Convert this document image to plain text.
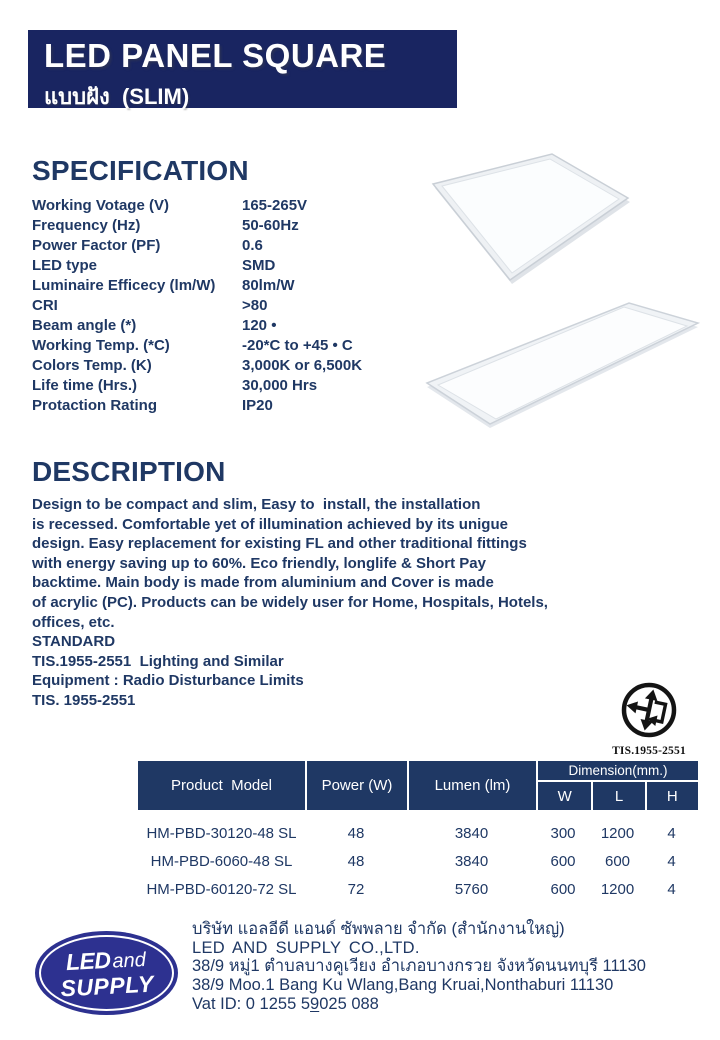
LED PANEL SQUARE
แบบฝัง  (SLIM)
SPECIFICATION
Working Votage (V)	165-265V
Frequency (Hz)	50-60Hz
Power Factor (PF)	0.6
LED type	SMD
Luminaire Efficecy (lm/W)	80lm/W
CRI	>80
Beam angle (*)	120 •
Working Temp. (*C)	-20*C to +45 • C
Colors Temp. (K)	3,000K or 6,500K
Life time (Hrs.)	30,000 Hrs
Protaction Rating	IP20
DESCRIPTION
Design to be compact and slim, Easy to  install, the installation
is recessed. Comfortable yet of illumination achieved by its unigue
design. Easy replacement for existing FL and other traditional fittings
with energy saving up to 60%. Eco friendly, longlife & Short Pay
backtime. Main body is made from aluminium and Cover is made
of acrylic (PC). Products can be widely user for Home, Hospitals, Hotels,
offices, etc.
STANDARD
TIS.1955-2551  Lighting and Similar
Equipment : Radio Disturbance Limits
TIS. 1955-2551
TIS.1955-2551
Product  Model	Power (W)	Lumen (lm)
Dimension(mm.)
W	L	H
HM-PBD-30120-48 SL	48	3840	300	1200	4
HM-PBD-6060-48 SL	48	3840	600	600	4
HM-PBD-60120-72 SL	72	5760	600	1200	4
LEDand
SUPPLY
บริษัท แอลอีดี แอนด์ ซัพพลาย จำกัด (สำนักงานใหญ่)
LED AND SUPPLY CO.,LTD.
38/9 หมู่1 ตำบลบางคูเวียง อำเภอบางกรวย จังหวัดนนทบุรี 11130
38/9 Moo.1 Bang Ku Wlang,Bang Kruai,Nonthaburi 11130
Vat ID: 0 1255 59025 088
